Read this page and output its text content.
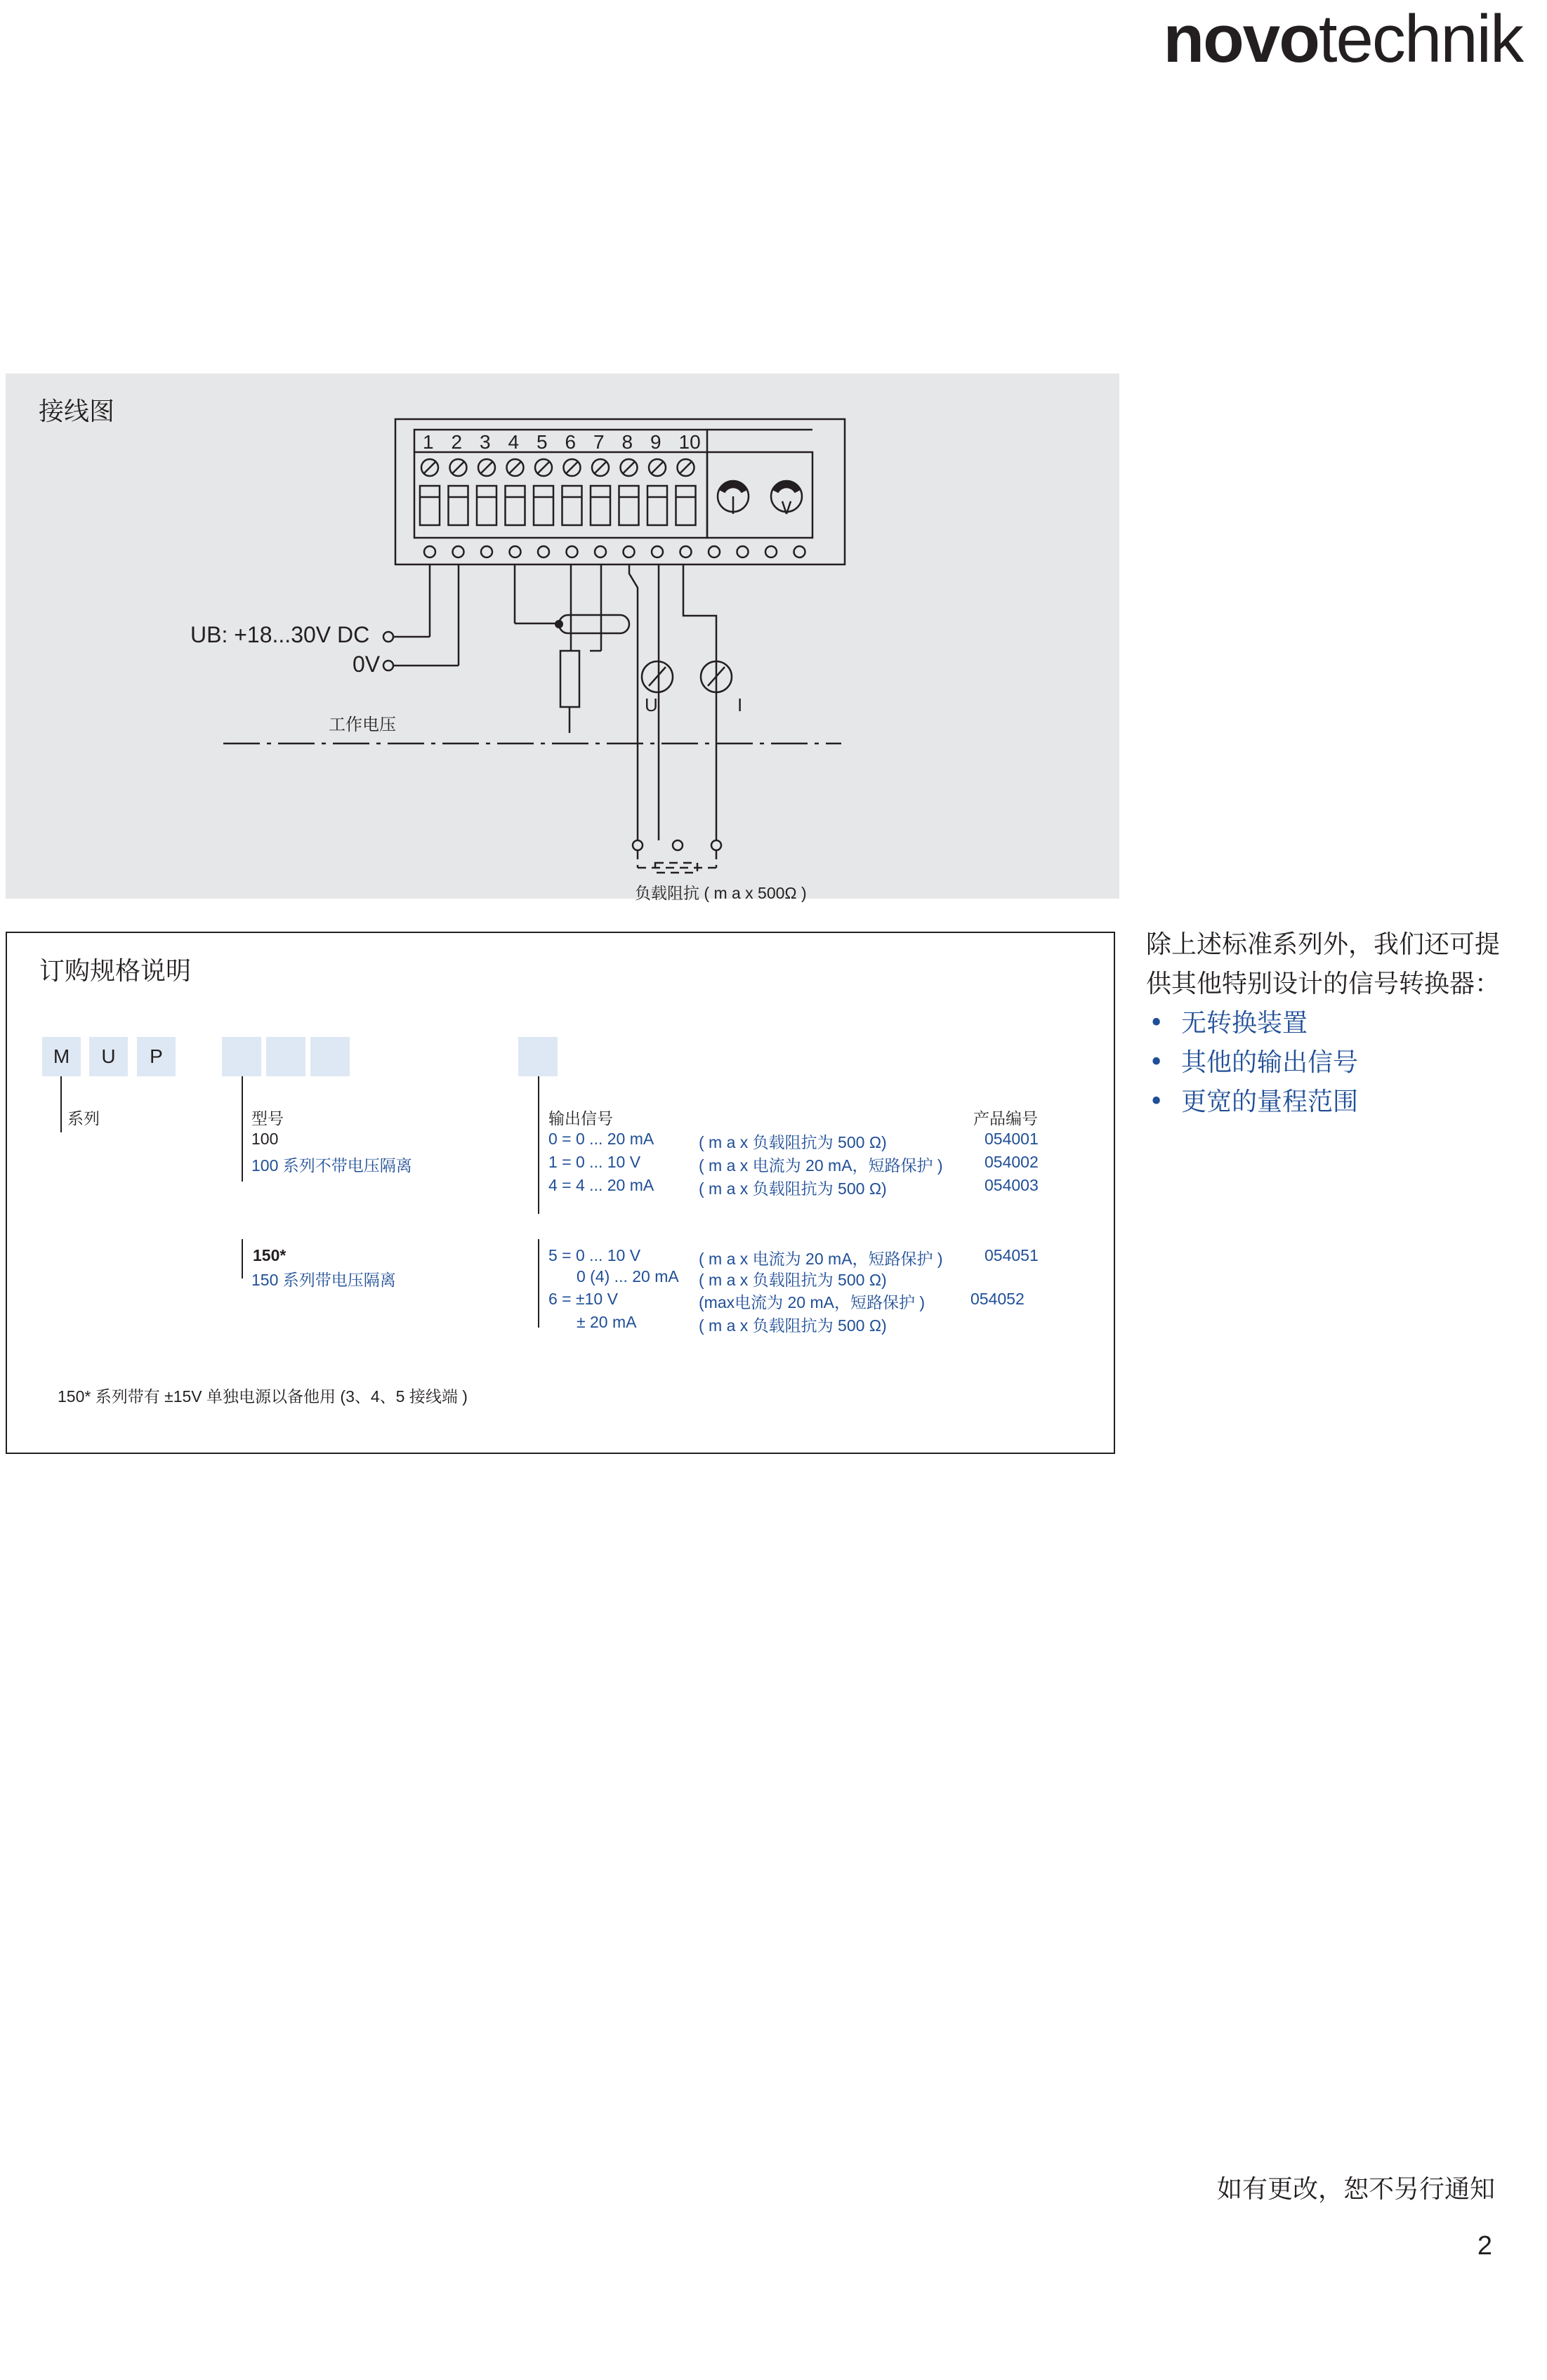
novotechnik
接线图
1 2 3 4 5 6 7 8 9 10
UB: +18...30V DC
0V
工作电压
U	I
负载阻抗 ( m a x 500Ω )
订购规格说明
M	U	P
系列	型号	输出信号	产品编号
100
100 系列不带电压隔离
0 = 0 ... 20 mA	( m a x 负载阻抗为 500 Ω)	054001
1 = 0 ... 10 V	( m a x 电流为 20 mA，短路保护 )	054002
4 = 4 ... 20 mA	( m a x 负载阻抗为 500 Ω)	054003
150*
150 系列带电压隔离
5 = 0 ... 10 V	( m a x 电流为 20 mA，短路保护 )	054051
0 (4) ... 20 mA ( m a x 负载阻抗为 500 Ω)
6 = ±10 V	(max电流为 20 mA，短路保护 )	054052
± 20 mA	( m a x 负载阻抗为 500 Ω)
150* 系列带有 ±15V 单独电源以备他用 (3、4、5 接线端 )
除上述标准系列外，我们还可提供其他特别设计的信号转换器：
• 无转换装置
• 其他的输出信号
• 更宽的量程范围
如有更改，恕不另行通知
2
